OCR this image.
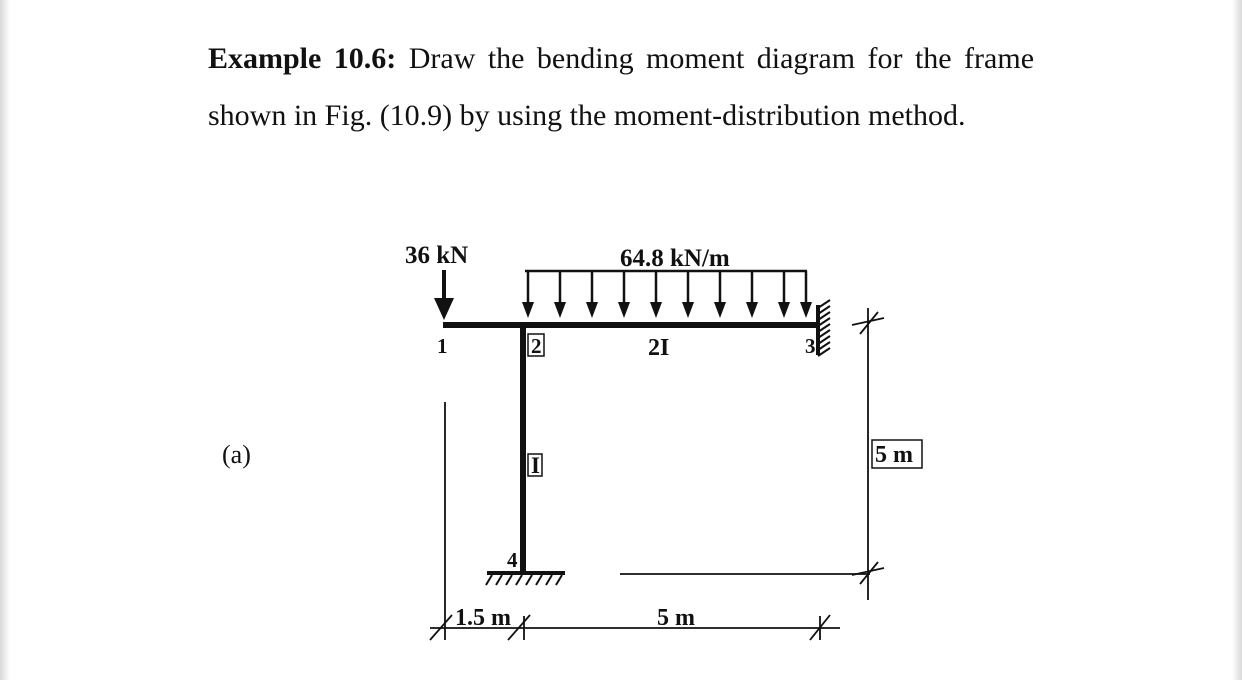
Example 10.6: Draw the bending moment diagram for the frame shown in Fig. (10.9) by using the moment-distribution method.
(a)
36 kN	64.8 kN/m
1	2	3
4
2I
I	5 m
1.5 m	5 m
